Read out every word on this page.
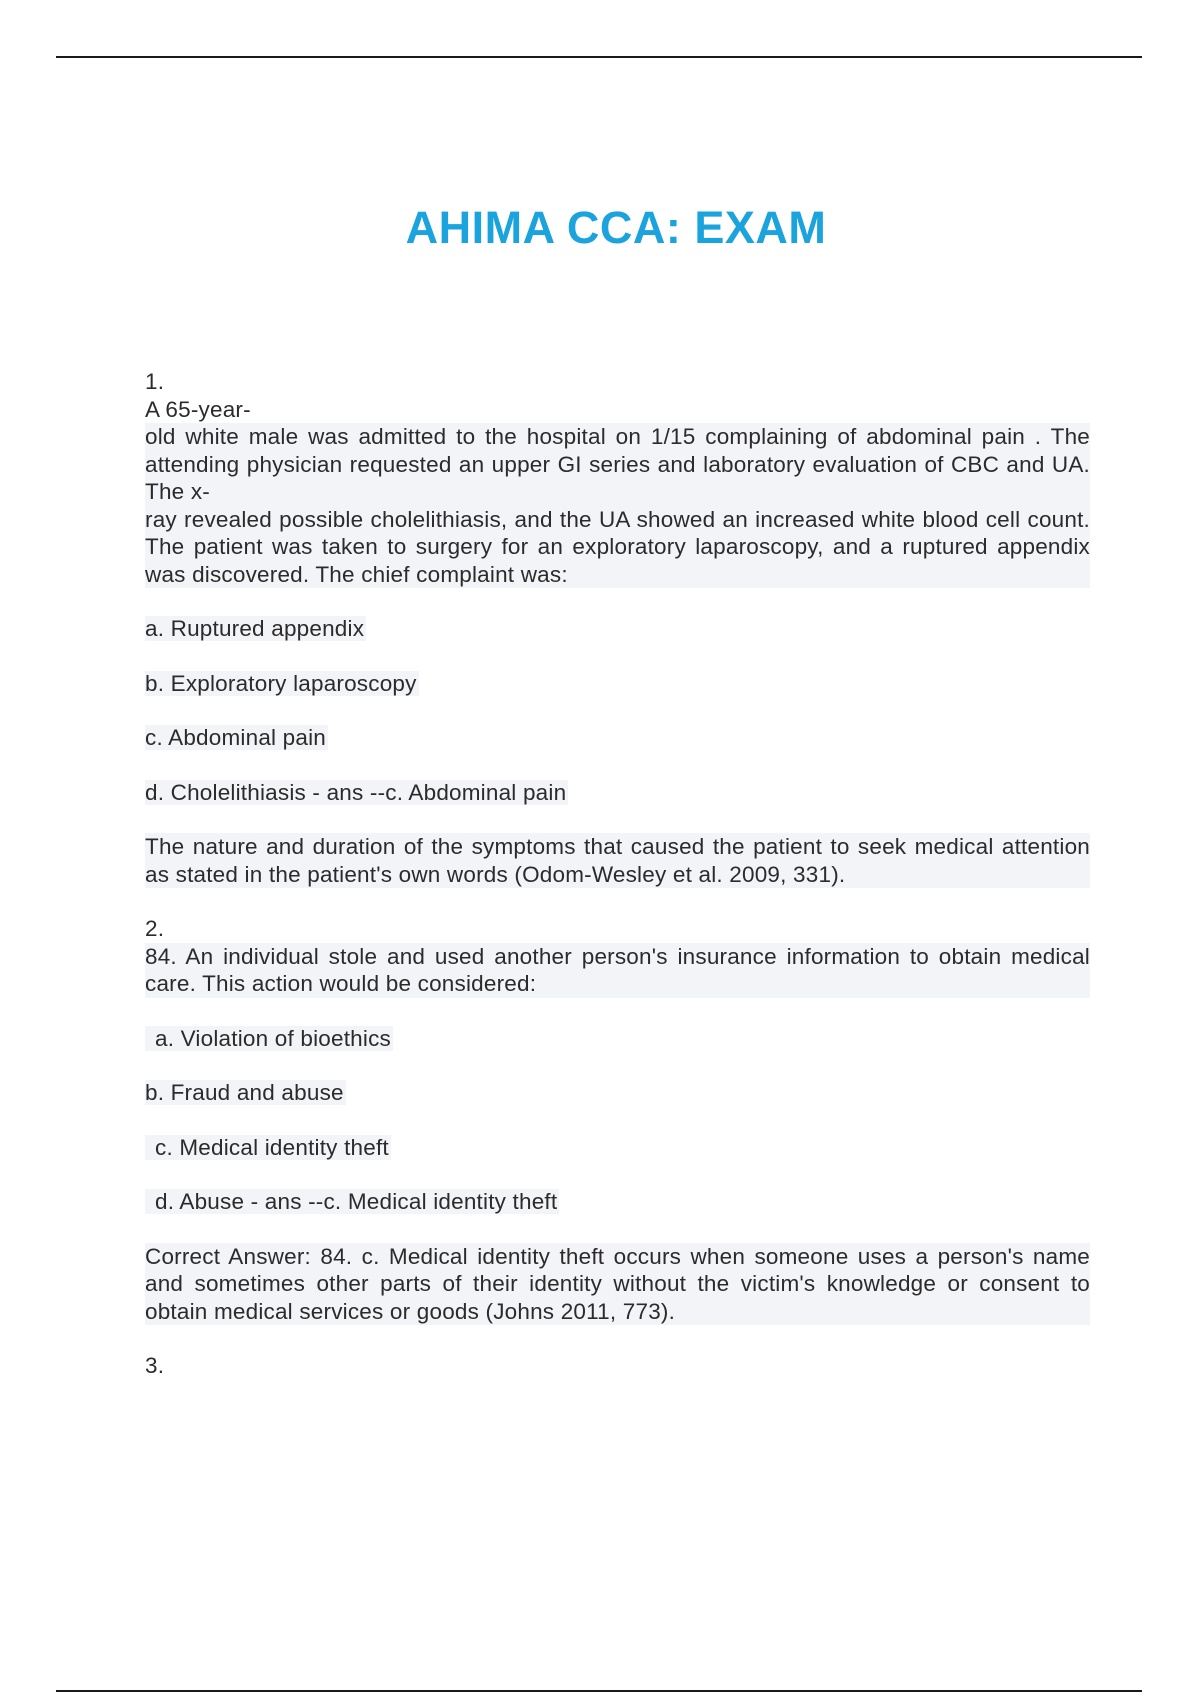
AHIMA CCA: EXAM

1.

A 65-year-
old white male was admitted to the hospital on 1/15 complaining of abdominal pain . The attending physician requested an upper GI series and laboratory evaluation of CBC and UA. The x-
ray revealed possible cholelithiasis, and the UA showed an increased white blood cell count. The patient was taken to surgery for an exploratory laparoscopy, and a ruptured appendix was discovered. The chief complaint was:

a. Ruptured appendix

b. Exploratory laparoscopy

c. Abdominal pain

d. Cholelithiasis - ans --c. Abdominal pain

The nature and duration of the symptoms that caused the patient to seek medical attention as stated in the patient's own words (Odom-Wesley et al. 2009, 331).

2.

84. An individual stole and used another person's insurance information to obtain medical care. This action would be considered:

a. Violation of bioethics

b. Fraud and abuse

c. Medical identity theft

d. Abuse - ans --c. Medical identity theft

Correct Answer: 84. c. Medical identity theft occurs when someone uses a person's name and sometimes other parts of their identity without the victim's knowledge or consent to obtain medical services or goods (Johns 2011, 773).

3.
